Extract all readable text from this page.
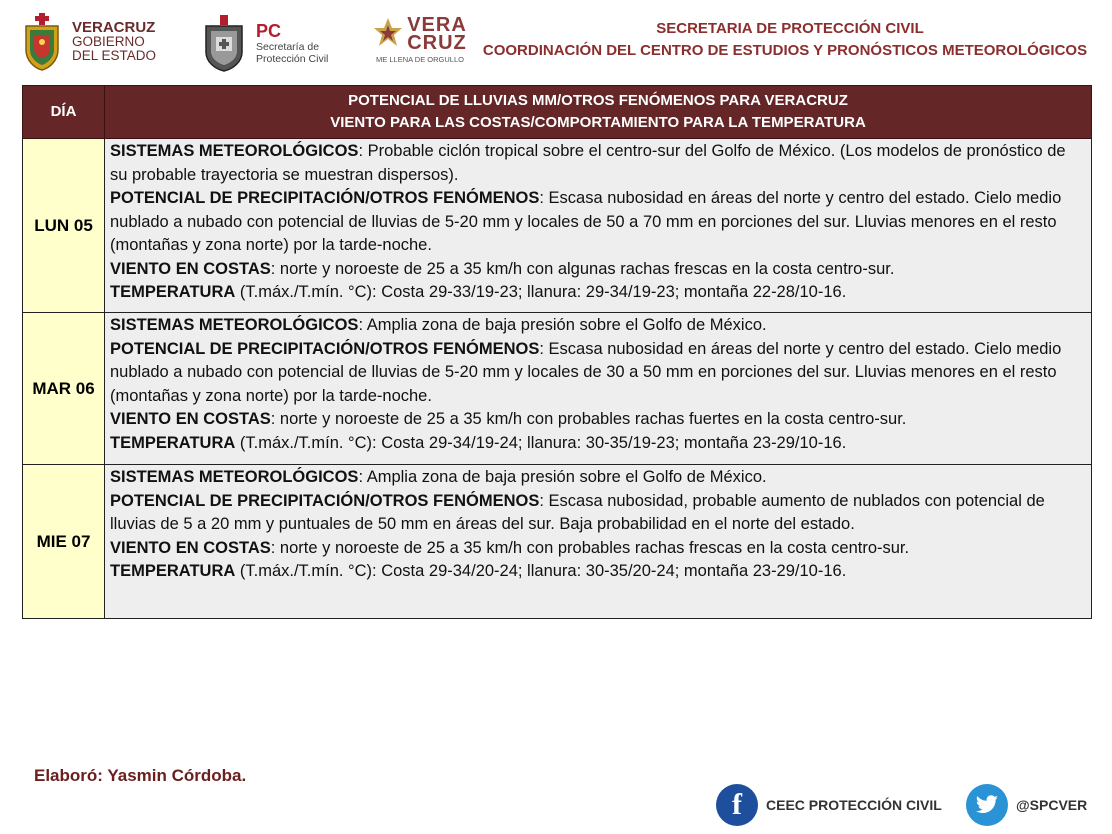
VERACRUZ
GOBIERNO
DEL ESTADO
PC
Secretaría de
Protección Civil
VERA
CRUZ
ME LLENA DE ORGULLO
SECRETARIA DE PROTECCIÓN CIVIL
COORDINACIÓN DEL CENTRO DE ESTUDIOS Y PRONÓSTICOS METEOROLÓGICOS
DÍA	POTENCIAL DE LLUVIAS MM/OTROS FENÓMENOS PARA VERACRUZ
VIENTO PARA LAS COSTAS/COMPORTAMIENTO PARA LA TEMPERATURA

LUN 05	SISTEMAS METEOROLÓGICOS: Probable ciclón tropical sobre el centro-sur del Golfo de México. (Los modelos de pronóstico de su probable trayectoria se muestran dispersos).
POTENCIAL DE PRECIPITACIÓN/OTROS FENÓMENOS: Escasa nubosidad en áreas del norte y centro del estado. Cielo medio nublado a nubado con potencial de lluvias de 5-20 mm y locales de 50 a 70 mm en porciones del sur. Lluvias menores en el resto (montañas y zona norte) por la tarde-noche.
VIENTO EN COSTAS: norte y noroeste de 25 a 35 km/h con algunas rachas frescas en la costa centro-sur.
TEMPERATURA (T.máx./T.mín. °C): Costa 29-33/19-23; llanura: 29-34/19-23; montaña 22-28/10-16.

MAR 06	SISTEMAS METEOROLÓGICOS: Amplia zona de baja presión sobre el Golfo de México.
POTENCIAL DE PRECIPITACIÓN/OTROS FENÓMENOS: Escasa nubosidad en áreas del norte y centro del estado. Cielo medio nublado a nubado con potencial de lluvias de 5-20 mm y locales de 30 a 50 mm en porciones del sur. Lluvias menores en el resto (montañas y zona norte) por la tarde-noche.
VIENTO EN COSTAS: norte y noroeste de 25 a 35 km/h con probables rachas fuertes en la costa centro-sur.
TEMPERATURA (T.máx./T.mín. °C): Costa 29-34/19-24; llanura: 30-35/19-23; montaña 23-29/10-16.

MIE 07	SISTEMAS METEOROLÓGICOS: Amplia zona de baja presión sobre el Golfo de México.
POTENCIAL DE PRECIPITACIÓN/OTROS FENÓMENOS: Escasa nubosidad, probable aumento de nublados con potencial de lluvias de 5 a 20 mm y puntuales de 50 mm en áreas del sur. Baja probabilidad en el norte del estado.
VIENTO EN COSTAS: norte y noroeste de 25 a 35 km/h con probables rachas frescas en la costa centro-sur.
TEMPERATURA (T.máx./T.mín. °C): Costa 29-34/20-24; llanura: 30-35/20-24; montaña 23-29/10-16.
Elaboró: Yasmin Córdoba.
f	CEEC PROTECCIÓN CIVIL	@SPCVER
